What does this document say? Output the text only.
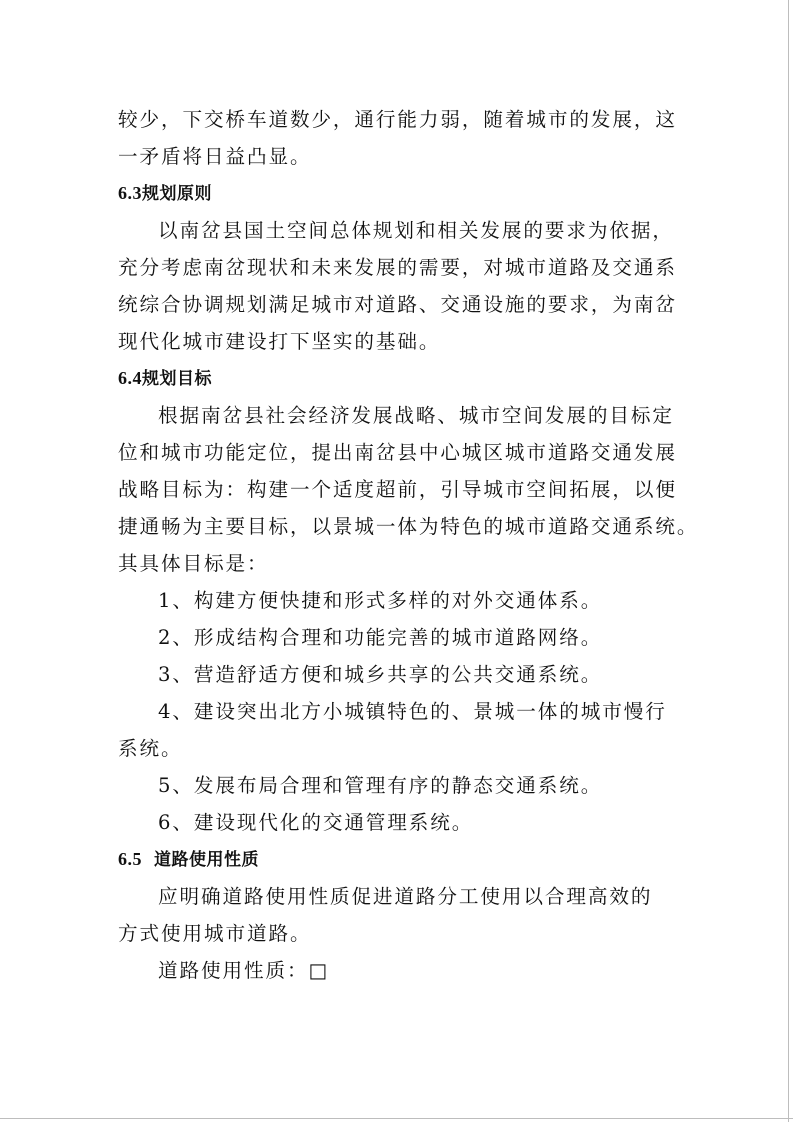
较少，下交桥车道数少，通行能力弱，随着城市的发展，这
一矛盾将日益凸显。
6.3规划原则
以南岔县国土空间总体规划和相关发展的要求为依据，
充分考虑南岔现状和未来发展的需要，对城市道路及交通系
统综合协调规划满足城市对道路、交通设施的要求，为南岔
现代化城市建设打下坚实的基础。
6.4规划目标
根据南岔县社会经济发展战略、城市空间发展的目标定
位和城市功能定位，提出南岔县中心城区城市道路交通发展
战略目标为：构建一个适度超前，引导城市空间拓展，以便
捷通畅为主要目标，以景城一体为特色的城市道路交通系统。
其具体目标是：
1、构建方便快捷和形式多样的对外交通体系。
2、形成结构合理和功能完善的城市道路网络。
3、营造舒适方便和城乡共享的公共交通系统。
4、建设突出北方小城镇特色的、景城一体的城市慢行
系统。
5、发展布局合理和管理有序的静态交通系统。
6、建设现代化的交通管理系统。
6.5 道路使用性质
应明确道路使用性质促进道路分工使用以合理高效的
方式使用城市道路。
道路使用性质：□
